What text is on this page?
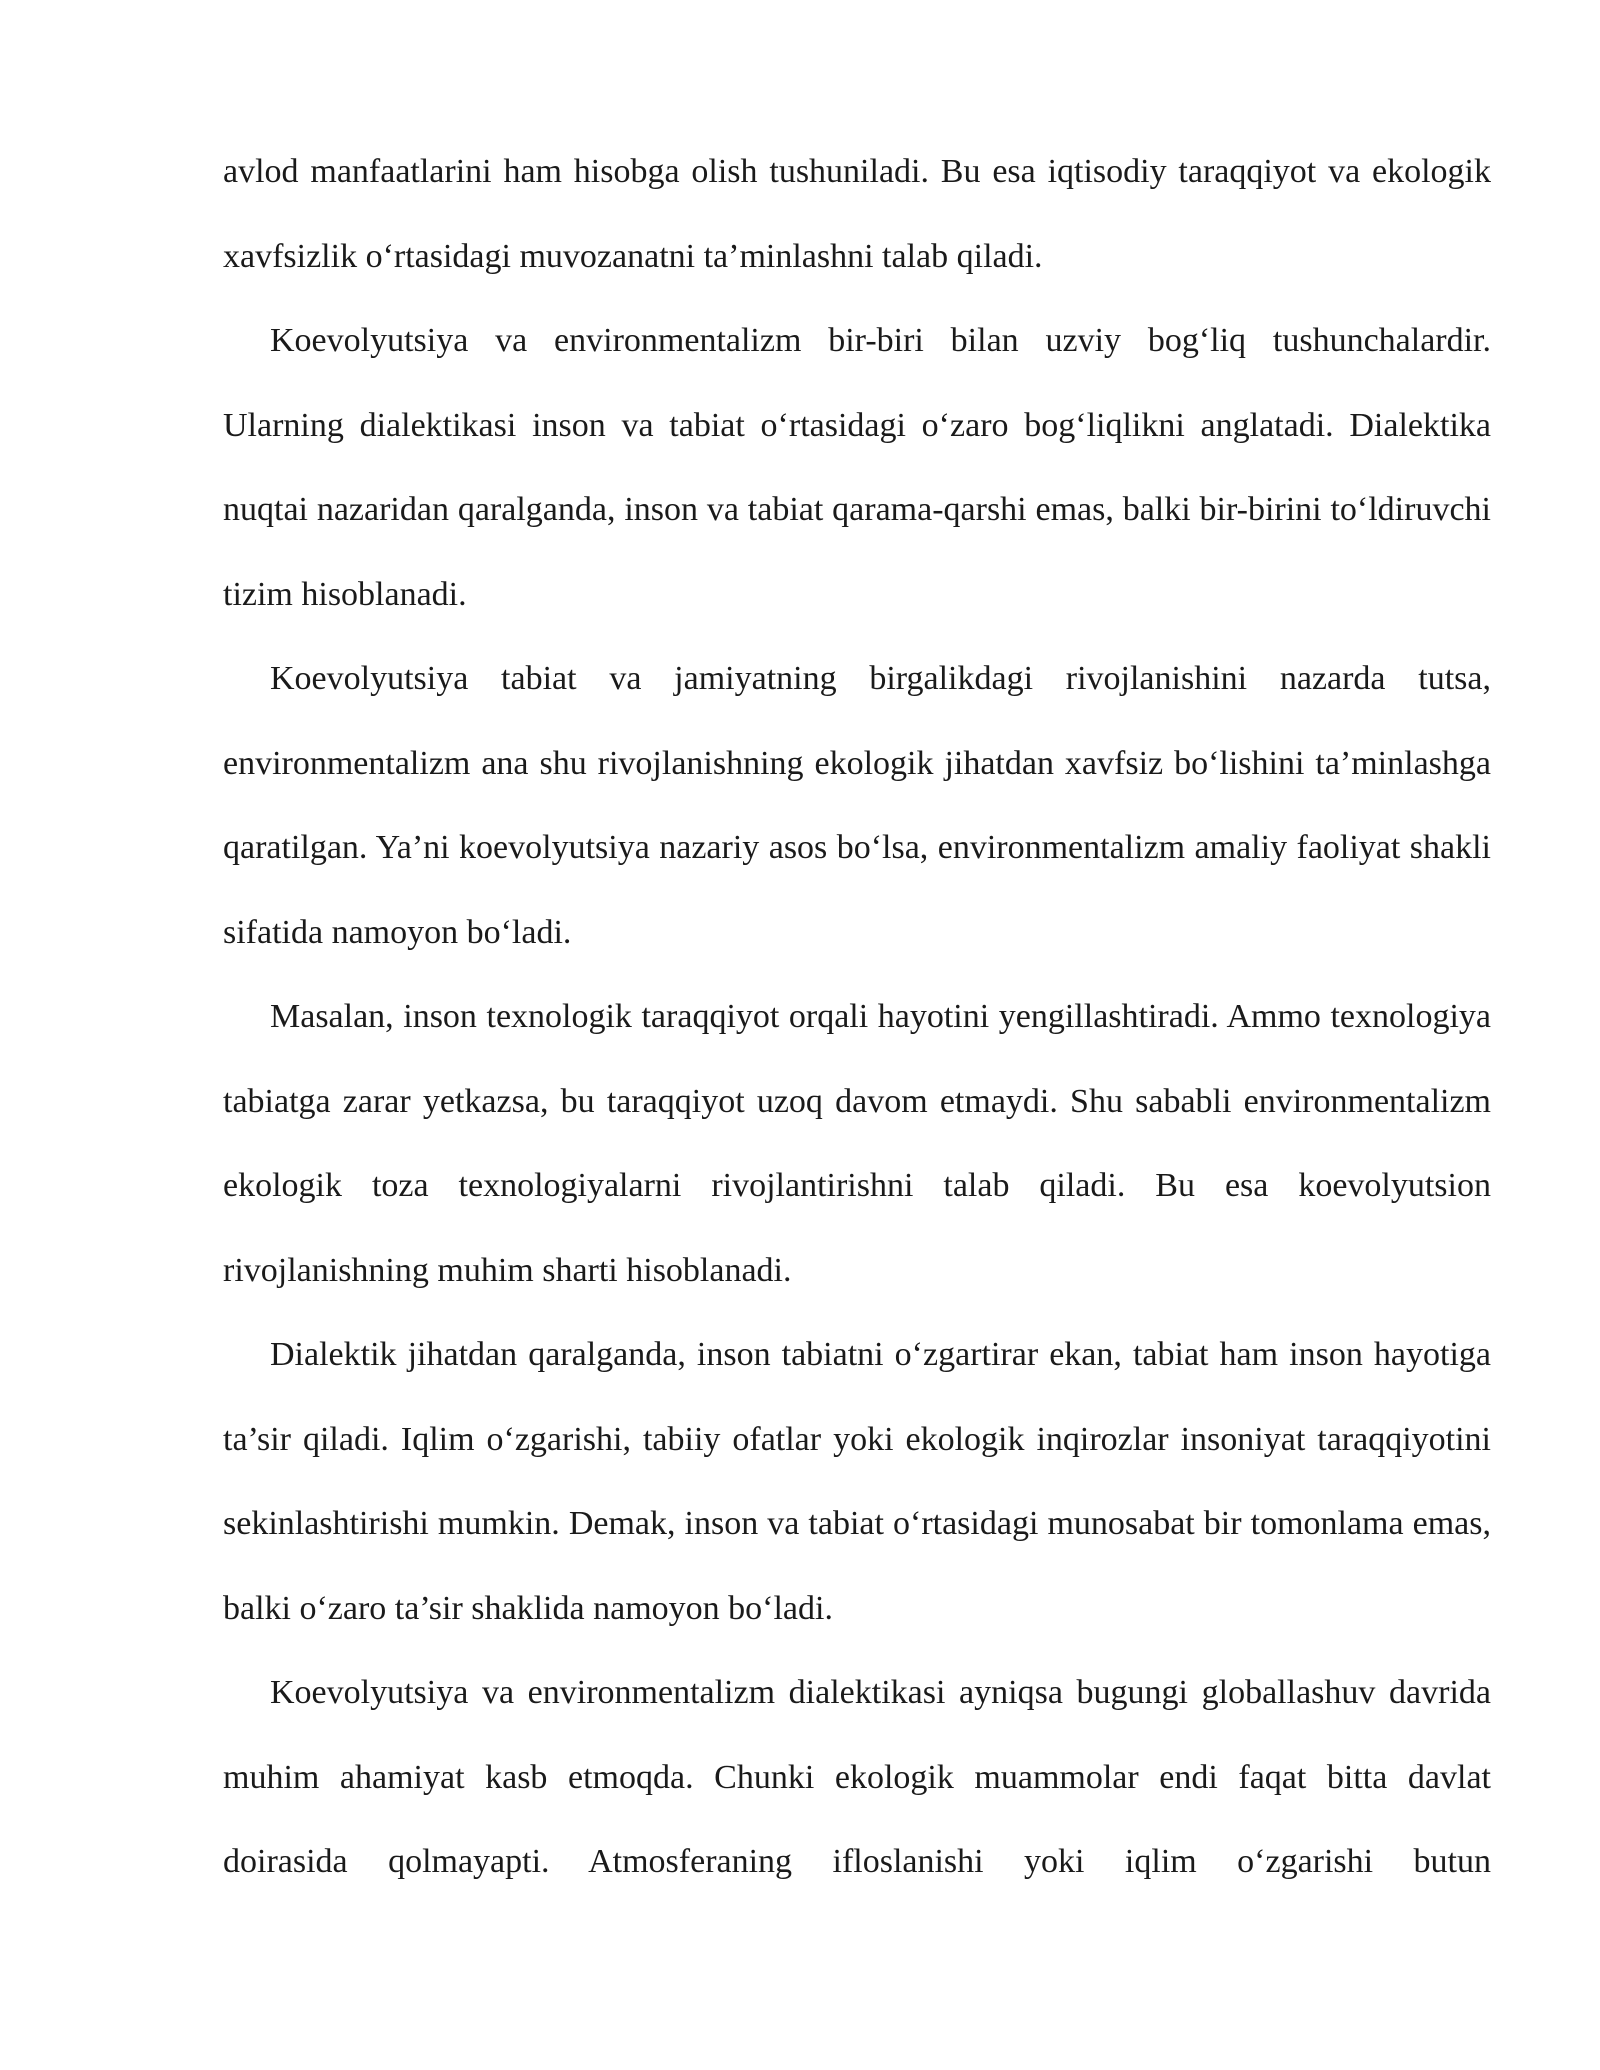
avlod manfaatlarini ham hisobga olish tushuniladi. Bu esa iqtisodiy taraqqiyot va ekologik xavfsizlik o‘rtasidagi muvozanatni ta’minlashni talab qiladi.

Koevolyutsiya va environmentalizm bir-biri bilan uzviy bog‘liq tushunchalardir. Ularning dialektikasi inson va tabiat o‘rtasidagi o‘zaro bog‘liqlikni anglatadi. Dialektika nuqtai nazaridan qaralganda, inson va tabiat qarama-qarshi emas, balki bir-birini to‘ldiruvchi tizim hisoblanadi.

Koevolyutsiya tabiat va jamiyatning birgalikdagi rivojlanishini nazarda tutsa, environmentalizm ana shu rivojlanishning ekologik jihatdan xavfsiz bo‘lishini ta’minlashga qaratilgan. Ya’ni koevolyutsiya nazariy asos bo‘lsa, environmentalizm amaliy faoliyat shakli sifatida namoyon bo‘ladi.

Masalan, inson texnologik taraqqiyot orqali hayotini yengillashtiradi. Ammo texnologiya tabiatga zarar yetkazsa, bu taraqqiyot uzoq davom etmaydi. Shu sababli environmentalizm ekologik toza texnologiyalarni rivojlantirishni talab qiladi. Bu esa koevolyutsion rivojlanishning muhim sharti hisoblanadi.

Dialektik jihatdan qaralganda, inson tabiatni o‘zgartirar ekan, tabiat ham inson hayotiga ta’sir qiladi. Iqlim o‘zgarishi, tabiiy ofatlar yoki ekologik inqirozlar insoniyat taraqqiyotini sekinlashtirishi mumkin. Demak, inson va tabiat o‘rtasidagi munosabat bir tomonlama emas, balki o‘zaro ta’sir shaklida namoyon bo‘ladi.

Koevolyutsiya va environmentalizm dialektikasi ayniqsa bugungi globallashuv davrida muhim ahamiyat kasb etmoqda. Chunki ekologik muammolar endi faqat bitta davlat doirasida qolmayapti. Atmosferaning ifloslanishi yoki iqlim o‘zgarishi butun
